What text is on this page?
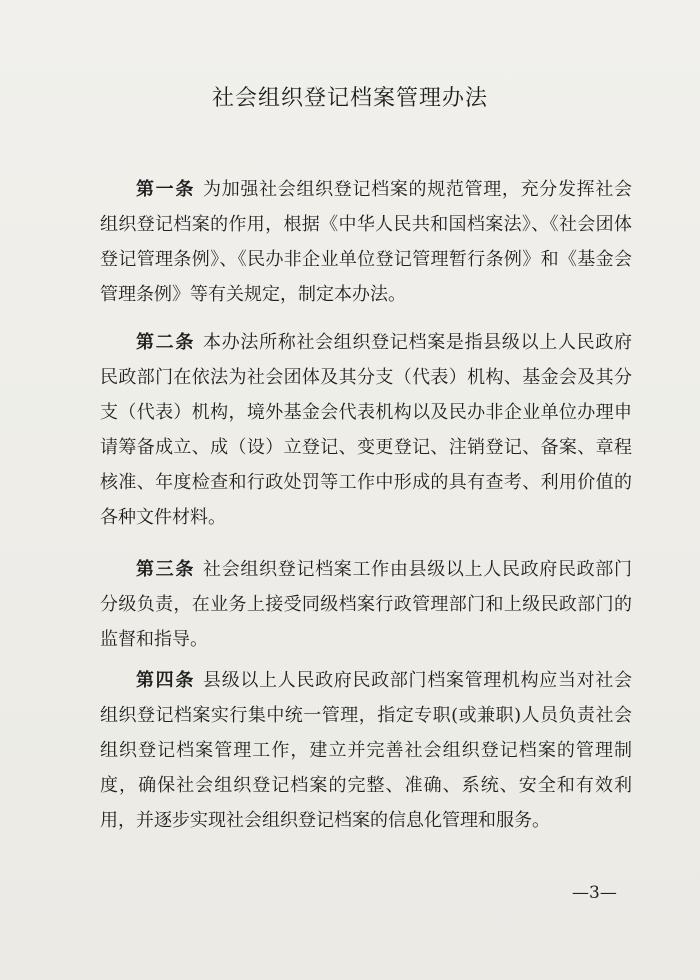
社会组织登记档案管理办法

第一条 为加强社会组织登记档案的规范管理，充分发挥社会组织登记档案的作用，根据《中华人民共和国档案法》、《社会团体登记管理条例》、《民办非企业单位登记管理暂行条例》和《基金会管理条例》等有关规定，制定本办法。

第二条 本办法所称社会组织登记档案是指县级以上人民政府民政部门在依法为社会团体及其分支（代表）机构、基金会及其分支（代表）机构，境外基金会代表机构以及民办非企业单位办理申请筹备成立、成（设）立登记、变更登记、注销登记、备案、章程核准、年度检查和行政处罚等工作中形成的具有查考、利用价值的各种文件材料。

第三条 社会组织登记档案工作由县级以上人民政府民政部门分级负责，在业务上接受同级档案行政管理部门和上级民政部门的监督和指导。

第四条 县级以上人民政府民政部门档案管理机构应当对社会组织登记档案实行集中统一管理，指定专职(或兼职)人员负责社会组织登记档案管理工作，建立并完善社会组织登记档案的管理制度，确保社会组织登记档案的完整、准确、系统、安全和有效利用，并逐步实现社会组织登记档案的信息化管理和服务。

—3—
